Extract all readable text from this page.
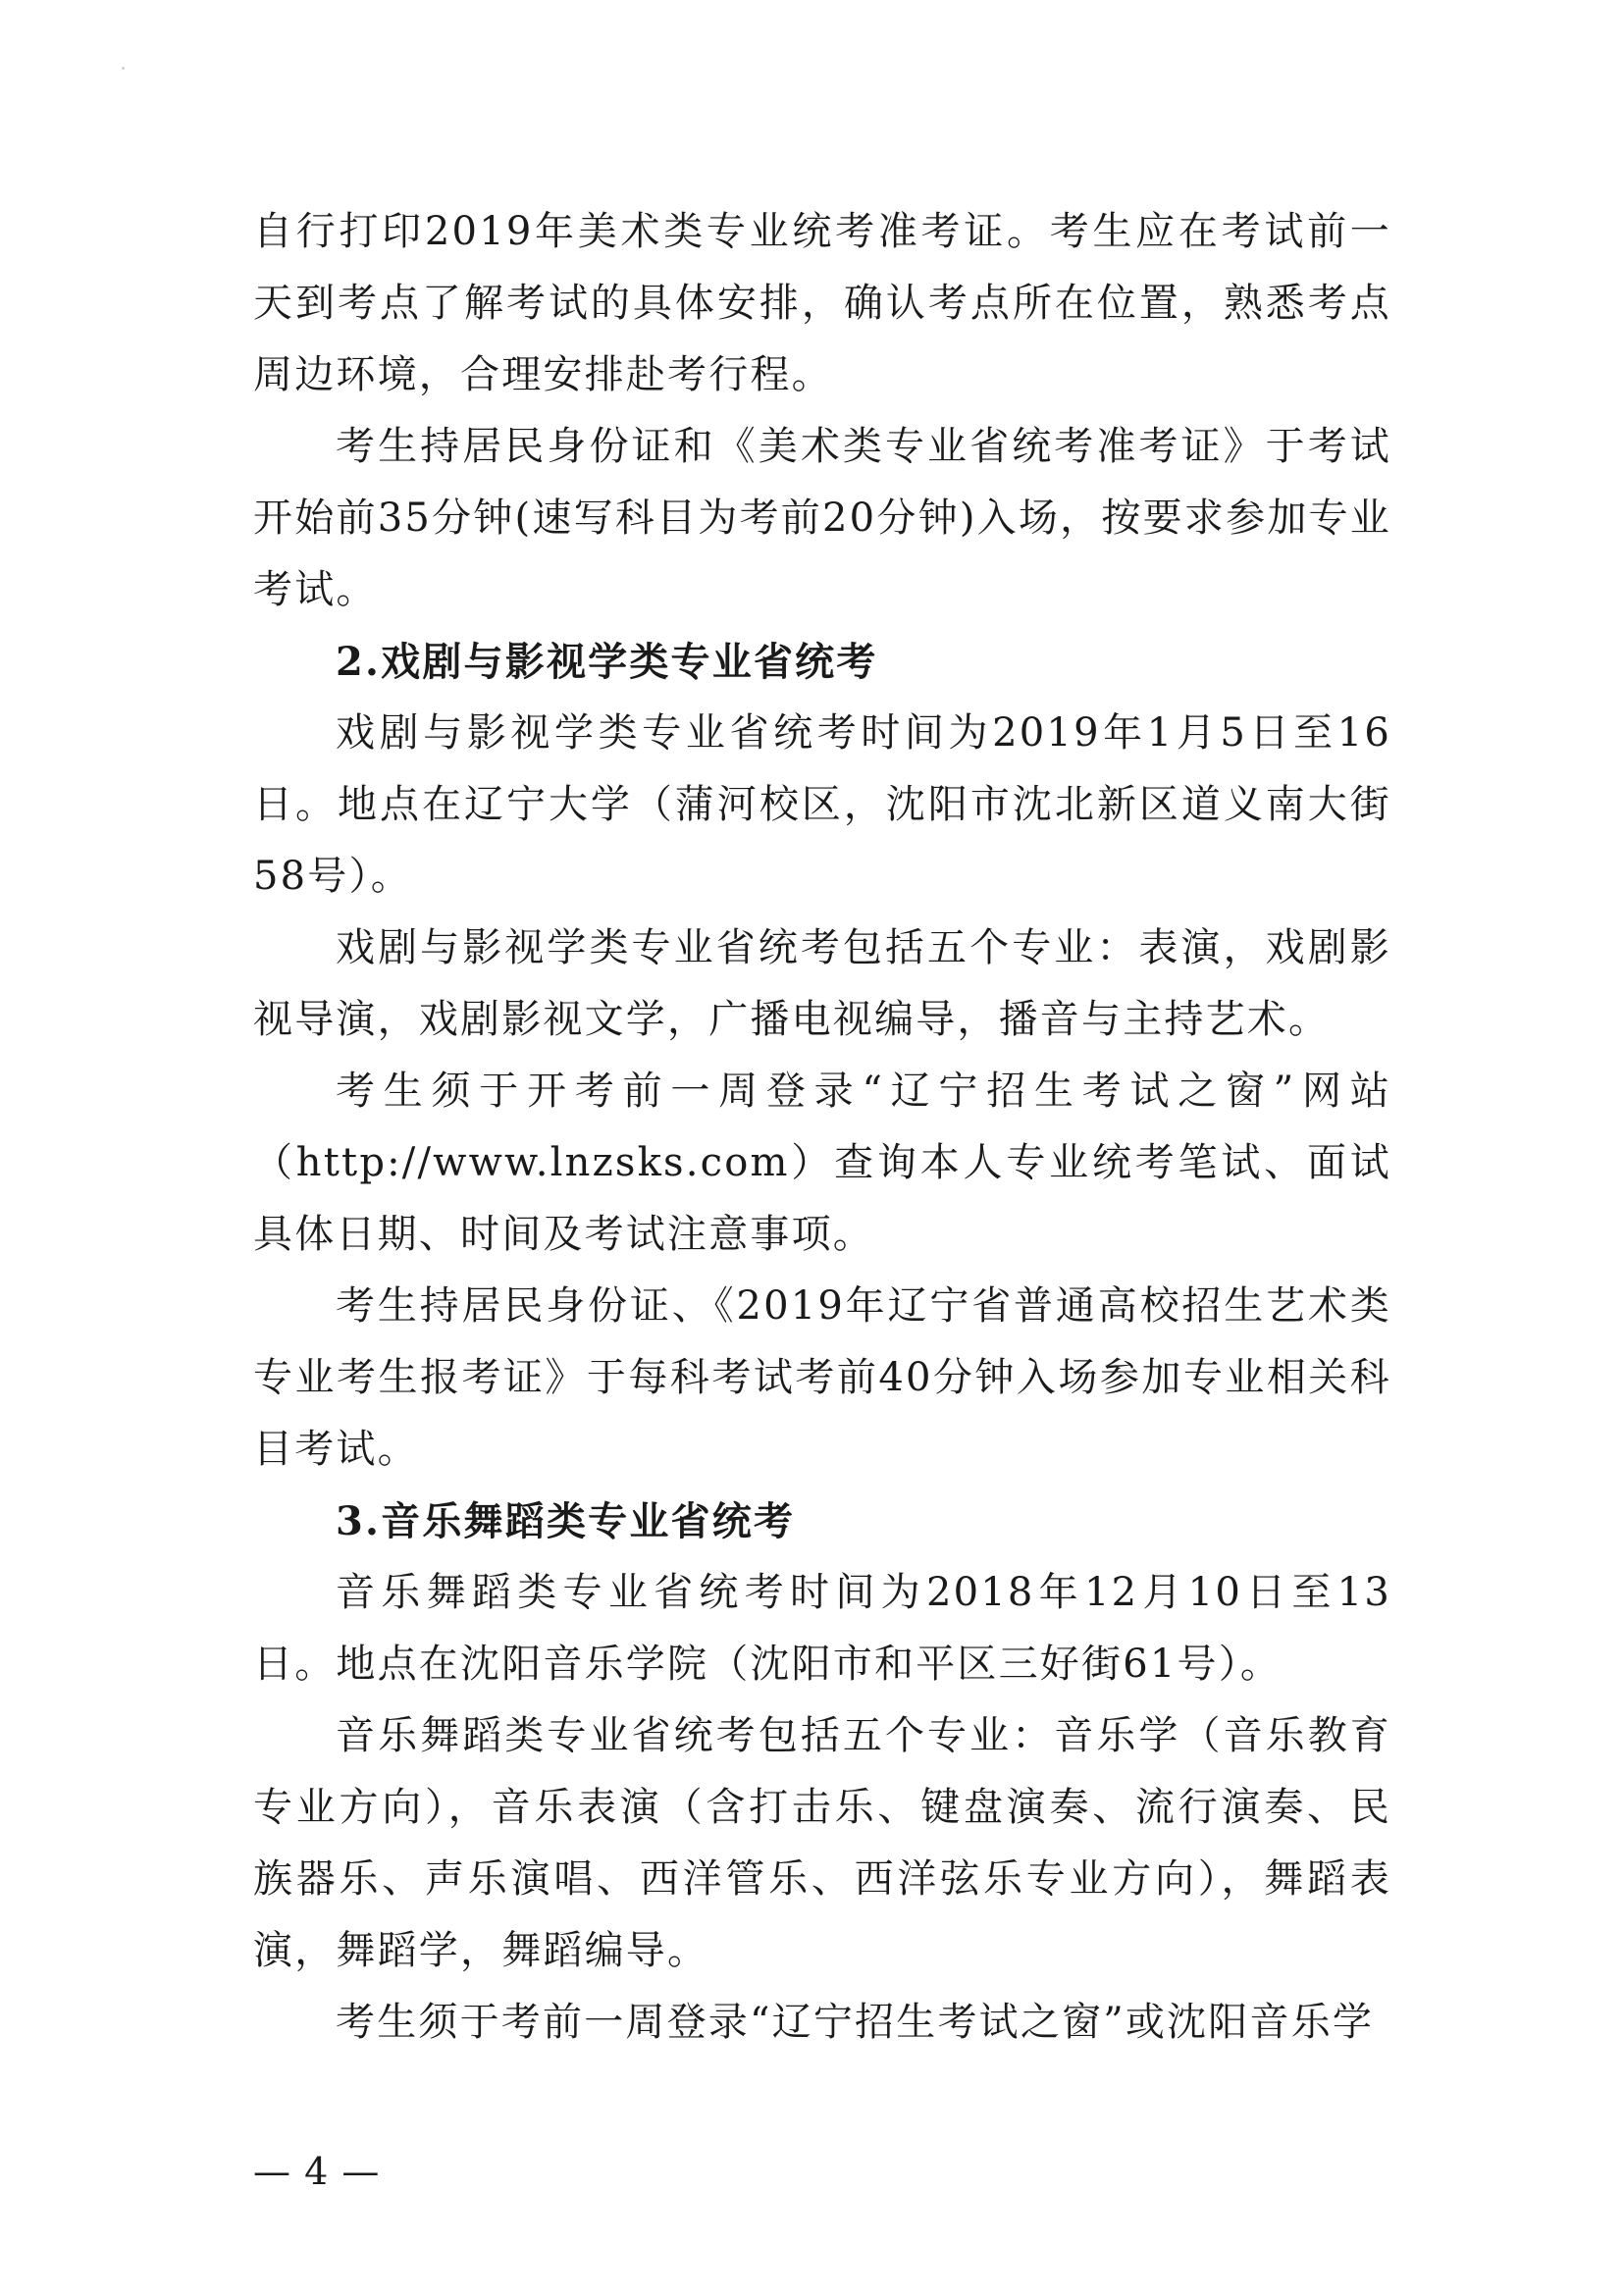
自行打印2019年美术类专业统考准考证。考生应在考试前一天到考点了解考试的具体安排，确认考点所在位置，熟悉考点周边环境，合理安排赴考行程。

考生持居民身份证和《美术类专业省统考准考证》于考试开始前35分钟(速写科目为考前20分钟)入场，按要求参加专业考试。

2.戏剧与影视学类专业省统考

戏剧与影视学类专业省统考时间为2019年1月5日至16日。地点在辽宁大学（蒲河校区，沈阳市沈北新区道义南大街58号）。

戏剧与影视学类专业省统考包括五个专业：表演，戏剧影视导演，戏剧影视文学，广播电视编导，播音与主持艺术。

考生须于开考前一周登录“辽宁招生考试之窗”网站（http://www.lnzsks.com）查询本人专业统考笔试、面试具体日期、时间及考试注意事项。

考生持居民身份证、《2019年辽宁省普通高校招生艺术类专业考生报考证》于每科考试考前40分钟入场参加专业相关科目考试。

3.音乐舞蹈类专业省统考

音乐舞蹈类专业省统考时间为2018年12月10日至13日。地点在沈阳音乐学院（沈阳市和平区三好街61号）。

音乐舞蹈类专业省统考包括五个专业：音乐学（音乐教育专业方向），音乐表演（含打击乐、键盘演奏、流行演奏、民族器乐、声乐演唱、西洋管乐、西洋弦乐专业方向），舞蹈表演，舞蹈学，舞蹈编导。

考生须于考前一周登录“辽宁招生考试之窗”或沈阳音乐学

— 4 —
